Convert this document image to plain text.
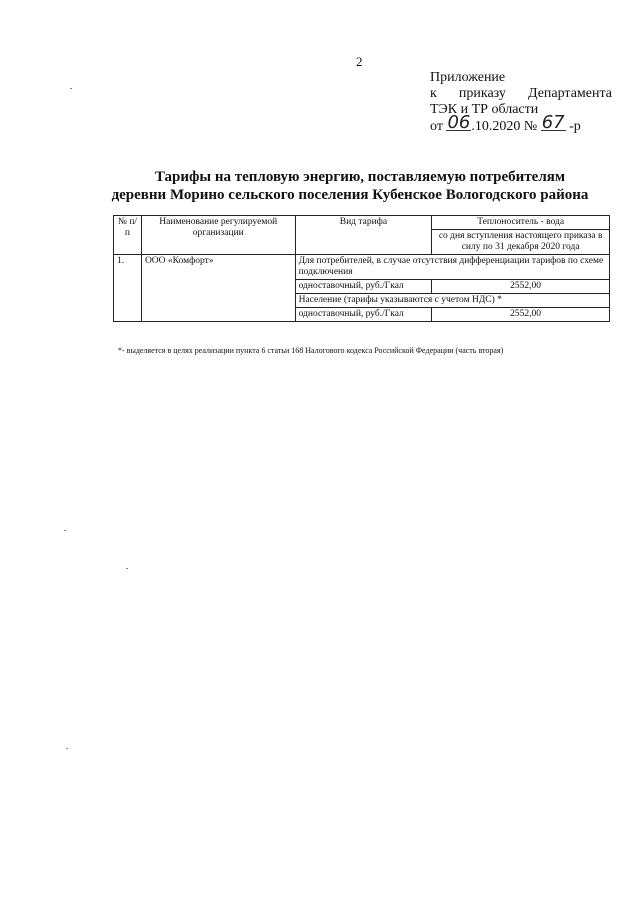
2
Приложение
к приказу Департамента
ТЭК и ТР области
от 06.10.2020 № 67 -р
Тарифы на тепловую энергию, поставляемую потребителям
деревни Морино сельского поселения Кубенское Вологодского района
№ п/п	Наименование регулируемой организации	Вид тарифа	Теплоноситель - вода
			со дня вступления настоящего приказа в силу по 31 декабря 2020 года
1.	ООО «Комфорт»	Для потребителей, в случае отсутствия дифференциации тарифов по схеме подключения	
		одноставочный, руб./Гкал	2552,00
		Население (тарифы указываются с учетом НДС) *	
		одноставочный, руб./Гкал	2552,00
*- выделяется в целях реализации пункта 6 статьи 168 Налогового кодекса Российской Федерации (часть вторая)
